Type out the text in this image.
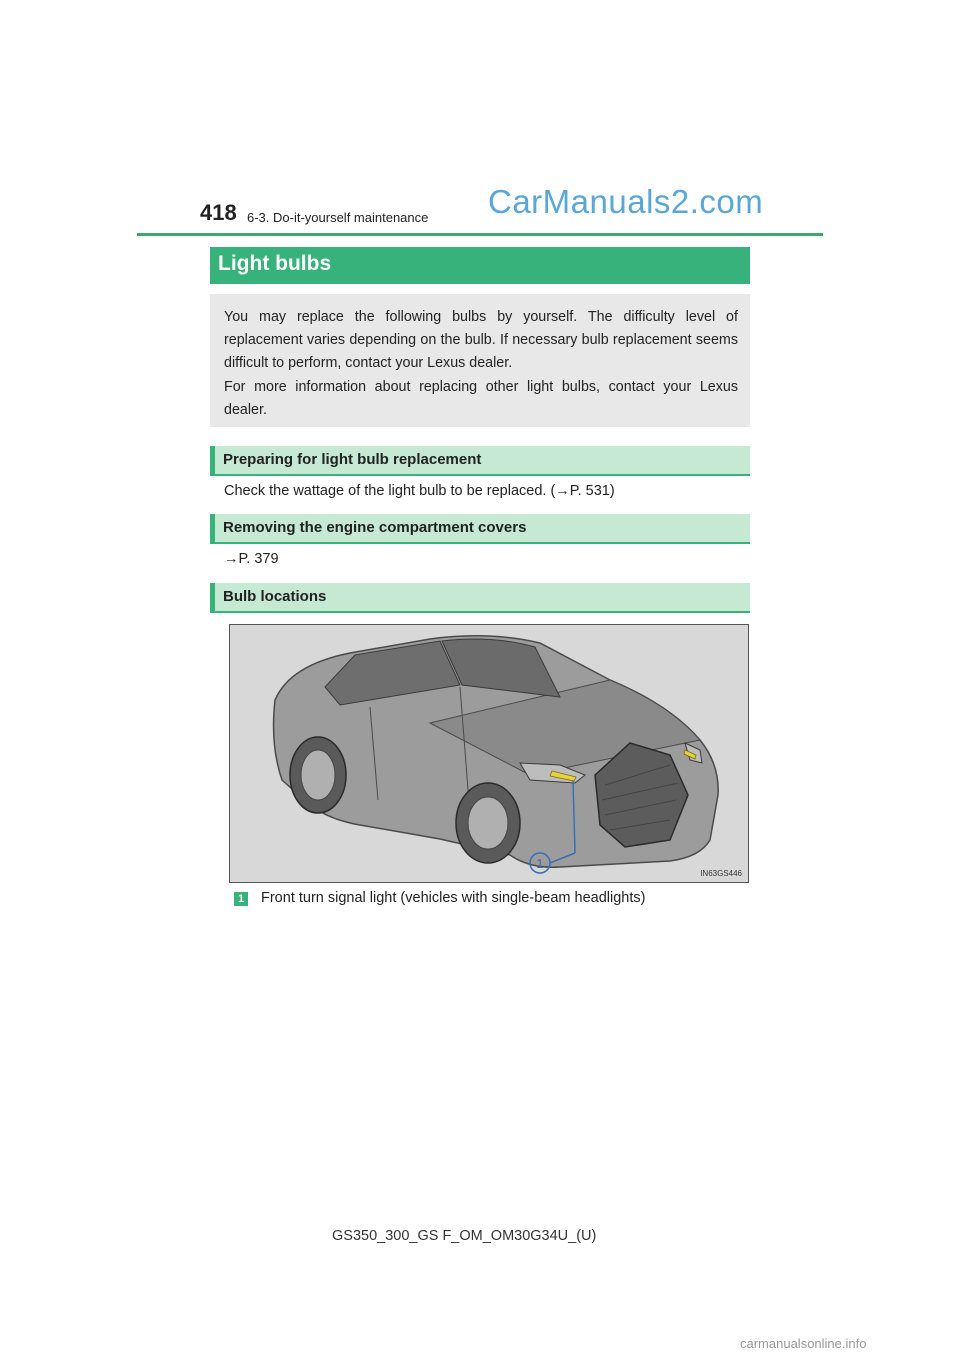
418 6-3. Do-it-yourself maintenance CarManuals2.com
Light bulbs

You may replace the following bulbs by yourself. The difficulty level of replacement varies depending on the bulb. If necessary bulb replacement seems difficult to perform, contact your Lexus dealer.

For more information about replacing other light bulbs, contact your Lexus dealer.

Preparing for light bulb replacement
Check the wattage of the light bulb to be replaced. (→P. 531)
Removing the engine compartment covers
→P. 379
Bulb locations
1
IN63GS446
1 Front turn signal light (vehicles with single-beam headlights)
GS350_300_GS F_OM_OM30G34U_(U)
carmanualsonline.info
